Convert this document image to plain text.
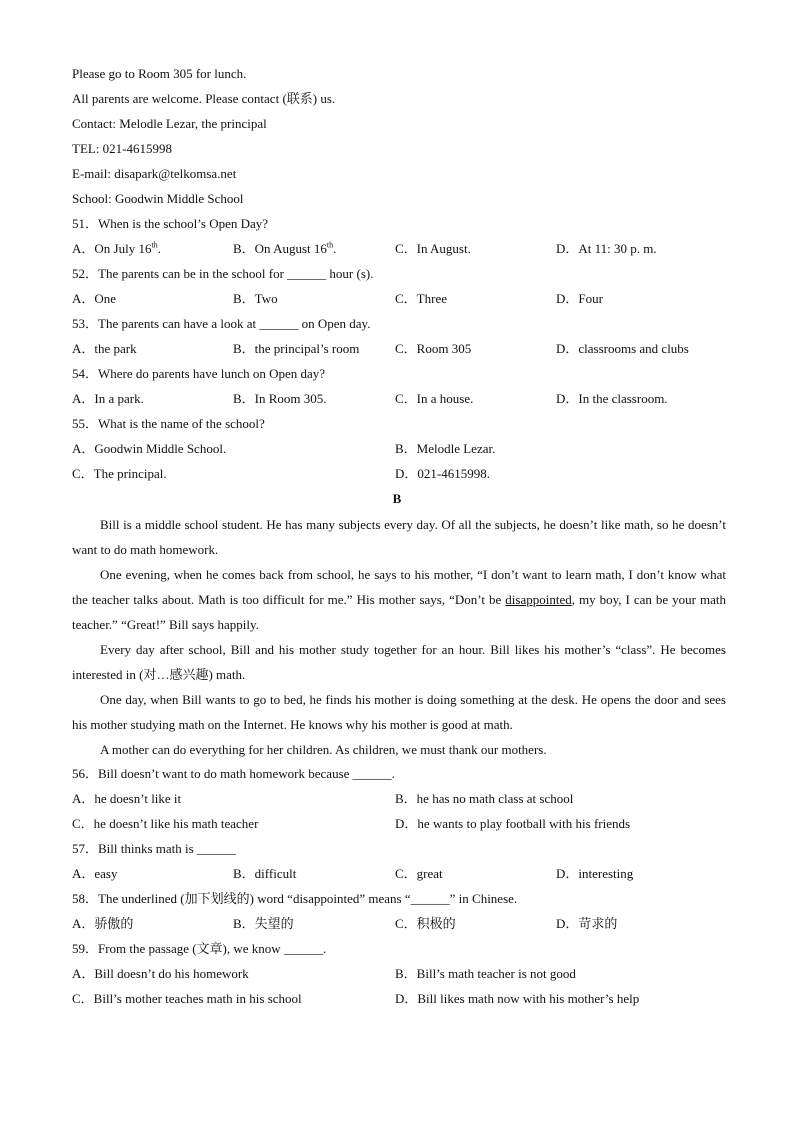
Please go to Room 305 for lunch.
All parents are welcome. Please contact (联系) us.
Contact: Melodle Lezar, the principal
TEL: 021-4615998
E-mail: disapark@telkomsa.net
School: Goodwin Middle School
51．When is the school’s Open Day?
A．On July 16th.	B．On August 16th.	C．In August.	D．At 11: 30 p. m.
52．The parents can be in the school for ______ hour (s).
A．One	B．Two	C．Three	D．Four
53．The parents can have a look at ______ on Open day.
A．the park	B．the principal’s room	C．Room 305	D．classrooms and clubs
54．Where do parents have lunch on Open day?
A．In a park.	B．In Room 305.	C．In a house.	D．In the classroom.
55．What is the name of the school?
A．Goodwin Middle School.	B．Melodle Lezar.
C．The principal.	D．021-4615998.
B
Bill is a middle school student. He has many subjects every day. Of all the subjects, he doesn’t like math, so he doesn’t want to do math homework.
One evening, when he comes back from school, he says to his mother, “I don’t want to learn math, I don’t know what the teacher talks about. Math is too difficult for me.” His mother says, “Don’t be disappointed, my boy, I can be your math teacher.” “Great!” Bill says happily.
Every day after school, Bill and his mother study together for an hour. Bill likes his mother’s “class”. He becomes interested in (对…感兴趣) math.
One day, when Bill wants to go to bed, he finds his mother is doing something at the desk. He opens the door and sees his mother studying math on the Internet. He knows why his mother is good at math.
A mother can do everything for her children. As children, we must thank our mothers.
56．Bill doesn’t want to do math homework because ______.
A．he doesn’t like it	B．he has no math class at school
C．he doesn’t like his math teacher	D．he wants to play football with his friends
57．Bill thinks math is ______
A．easy	B．difficult	C．great	D．interesting
58．The underlined (加下划线的) word “disappointed” means “______” in Chinese.
A．骄傲的	B．失望的	C．积极的	D．苛求的
59．From the passage (文章), we know ______.
A．Bill doesn’t do his homework	B．Bill’s math teacher is not good
C．Bill’s mother teaches math in his school	D．Bill likes math now with his mother’s help
